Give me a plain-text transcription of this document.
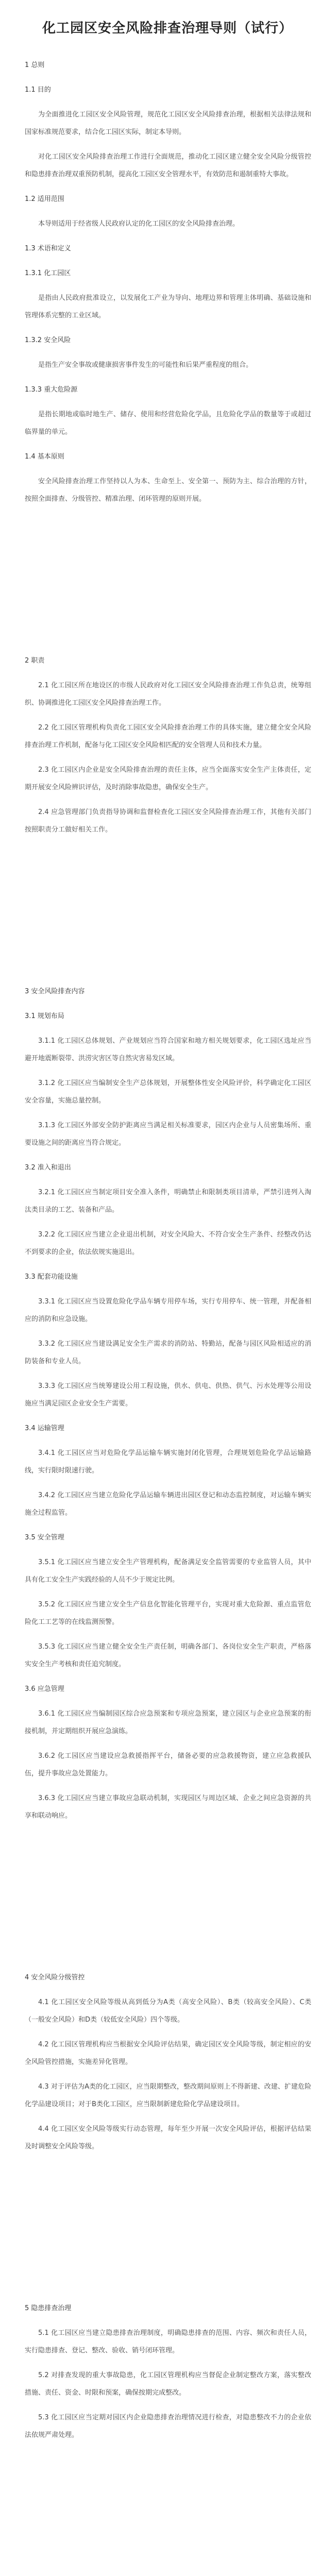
化工园区安全风险排查治理导则（试行）

1 总则

1.1 目的

为全面推进化工园区安全风险管理，规范化工园区安全风险排查治理，根据相关法律法规和国家标准规范要求，结合化工园区实际，制定本导则。

对化工园区安全风险排查治理工作进行全面规范，推动化工园区建立健全安全风险分级管控和隐患排查治理双重预防机制，提高化工园区安全管理水平，有效防范和遏制重特大事故。

1.2 适用范围

本导则适用于经省级人民政府认定的化工园区的安全风险排查治理。

1.3 术语和定义

1.3.1 化工园区

是指由人民政府批准设立，以发展化工产业为导向、地理边界和管理主体明确、基础设施和管理体系完整的工业区域。

1.3.2 安全风险

是指生产安全事故或健康损害事件发生的可能性和后果严重程度的组合。

1.3.3 重大危险源

是指长期地或临时地生产、储存、使用和经营危险化学品，且危险化学品的数量等于或超过临界量的单元。

1.4 基本原则

安全风险排查治理工作坚持以人为本、生命至上、安全第一、预防为主、综合治理的方针，按照全面排查、分级管控、精准治理、闭环管理的原则开展。

2 职责

2.1 化工园区所在地设区的市级人民政府对化工园区安全风险排查治理工作负总责，统筹组织、协调推进化工园区安全风险排查治理工作。

2.2 化工园区管理机构负责化工园区安全风险排查治理工作的具体实施，建立健全安全风险排查治理工作机制，配备与化工园区安全风险相匹配的安全管理人员和技术力量。

2.3 化工园区内企业是安全风险排查治理的责任主体，应当全面落实安全生产主体责任，定期开展安全风险辨识评估，及时消除事故隐患，确保安全生产。

2.4 应急管理部门负责指导协调和监督检查化工园区安全风险排查治理工作，其他有关部门按照职责分工做好相关工作。

3 安全风险排查内容

3.1 规划布局

3.1.1 化工园区总体规划、产业规划应当符合国家和地方相关规划要求，化工园区选址应当避开地震断裂带、洪涝灾害区等自然灾害易发区域。

3.1.2 化工园区应当编制安全生产总体规划，开展整体性安全风险评价，科学确定化工园区安全容量，实施总量控制。

3.1.3 化工园区外部安全防护距离应当满足相关标准要求，园区内企业与人员密集场所、重要设施之间的距离应当符合规定。

3.2 准入和退出

3.2.1 化工园区应当制定项目安全准入条件，明确禁止和限制类项目清单，严禁引进列入淘汰类目录的工艺、装备和产品。

3.2.2 化工园区应当建立企业退出机制，对安全风险大、不符合安全生产条件、经整改仍达不到要求的企业，依法依规实施退出。

3.3 配套功能设施

3.3.1 化工园区应当设置危险化学品车辆专用停车场，实行专用停车、统一管理，并配备相应的消防和应急设施。

3.3.2 化工园区应当建设满足安全生产需求的消防站、特勤站，配备与园区风险相适应的消防装备和专业人员。

3.3.3 化工园区应当统筹建设公用工程设施，供水、供电、供热、供气、污水处理等公用设施应当满足园区企业安全生产需要。

3.4 运输管理

3.4.1 化工园区应当对危险化学品运输车辆实施封闭化管理，合理规划危险化学品运输路线，实行限时限速行驶。

3.4.2 化工园区应当建立危险化学品运输车辆进出园区登记和动态监控制度，对运输车辆实施全过程监管。

3.5 安全管理

3.5.1 化工园区应当建立安全生产管理机构，配备满足安全监管需要的专业监管人员，其中具有化工安全生产实践经验的人员不少于规定比例。

3.5.2 化工园区应当建立安全生产信息化智能化管理平台，实现对重大危险源、重点监管危险化工工艺等的在线监测预警。

3.5.3 化工园区应当建立健全安全生产责任制，明确各部门、各岗位安全生产职责，严格落实安全生产考核和责任追究制度。

3.6 应急管理

3.6.1 化工园区应当编制园区综合应急预案和专项应急预案，建立园区与企业应急预案的衔接机制，并定期组织开展应急演练。

3.6.2 化工园区应当建设应急救援指挥平台，储备必要的应急救援物资，建立应急救援队伍，提升事故应急处置能力。

3.6.3 化工园区应当建立事故应急联动机制，实现园区与周边区域、企业之间应急资源的共享和联动响应。

4 安全风险分级管控

4.1 化工园区安全风险等级从高到低分为A类（高安全风险）、B类（较高安全风险）、C类（一般安全风险）和D类（较低安全风险）四个等级。

4.2 化工园区管理机构应当根据安全风险评估结果，确定园区安全风险等级，制定相应的安全风险管控措施，实施差异化管理。

4.3 对于评估为A类的化工园区，应当限期整改，整改期间原则上不得新建、改建、扩建危险化学品建设项目；对于B类化工园区，应当限制新建危险化学品建设项目。

4.4 化工园区安全风险等级实行动态管理，每年至少开展一次安全风险评估，根据评估结果及时调整安全风险等级。

5 隐患排查治理

5.1 化工园区应当建立隐患排查治理制度，明确隐患排查的范围、内容、频次和责任人员，实行隐患排查、登记、整改、验收、销号闭环管理。

5.2 对排查发现的重大事故隐患，化工园区管理机构应当督促企业制定整改方案，落实整改措施、责任、资金、时限和预案，确保按期完成整改。

5.3 化工园区应当定期对园区内企业隐患排查治理情况进行检查，对隐患整改不力的企业依法依规严肃处理。
